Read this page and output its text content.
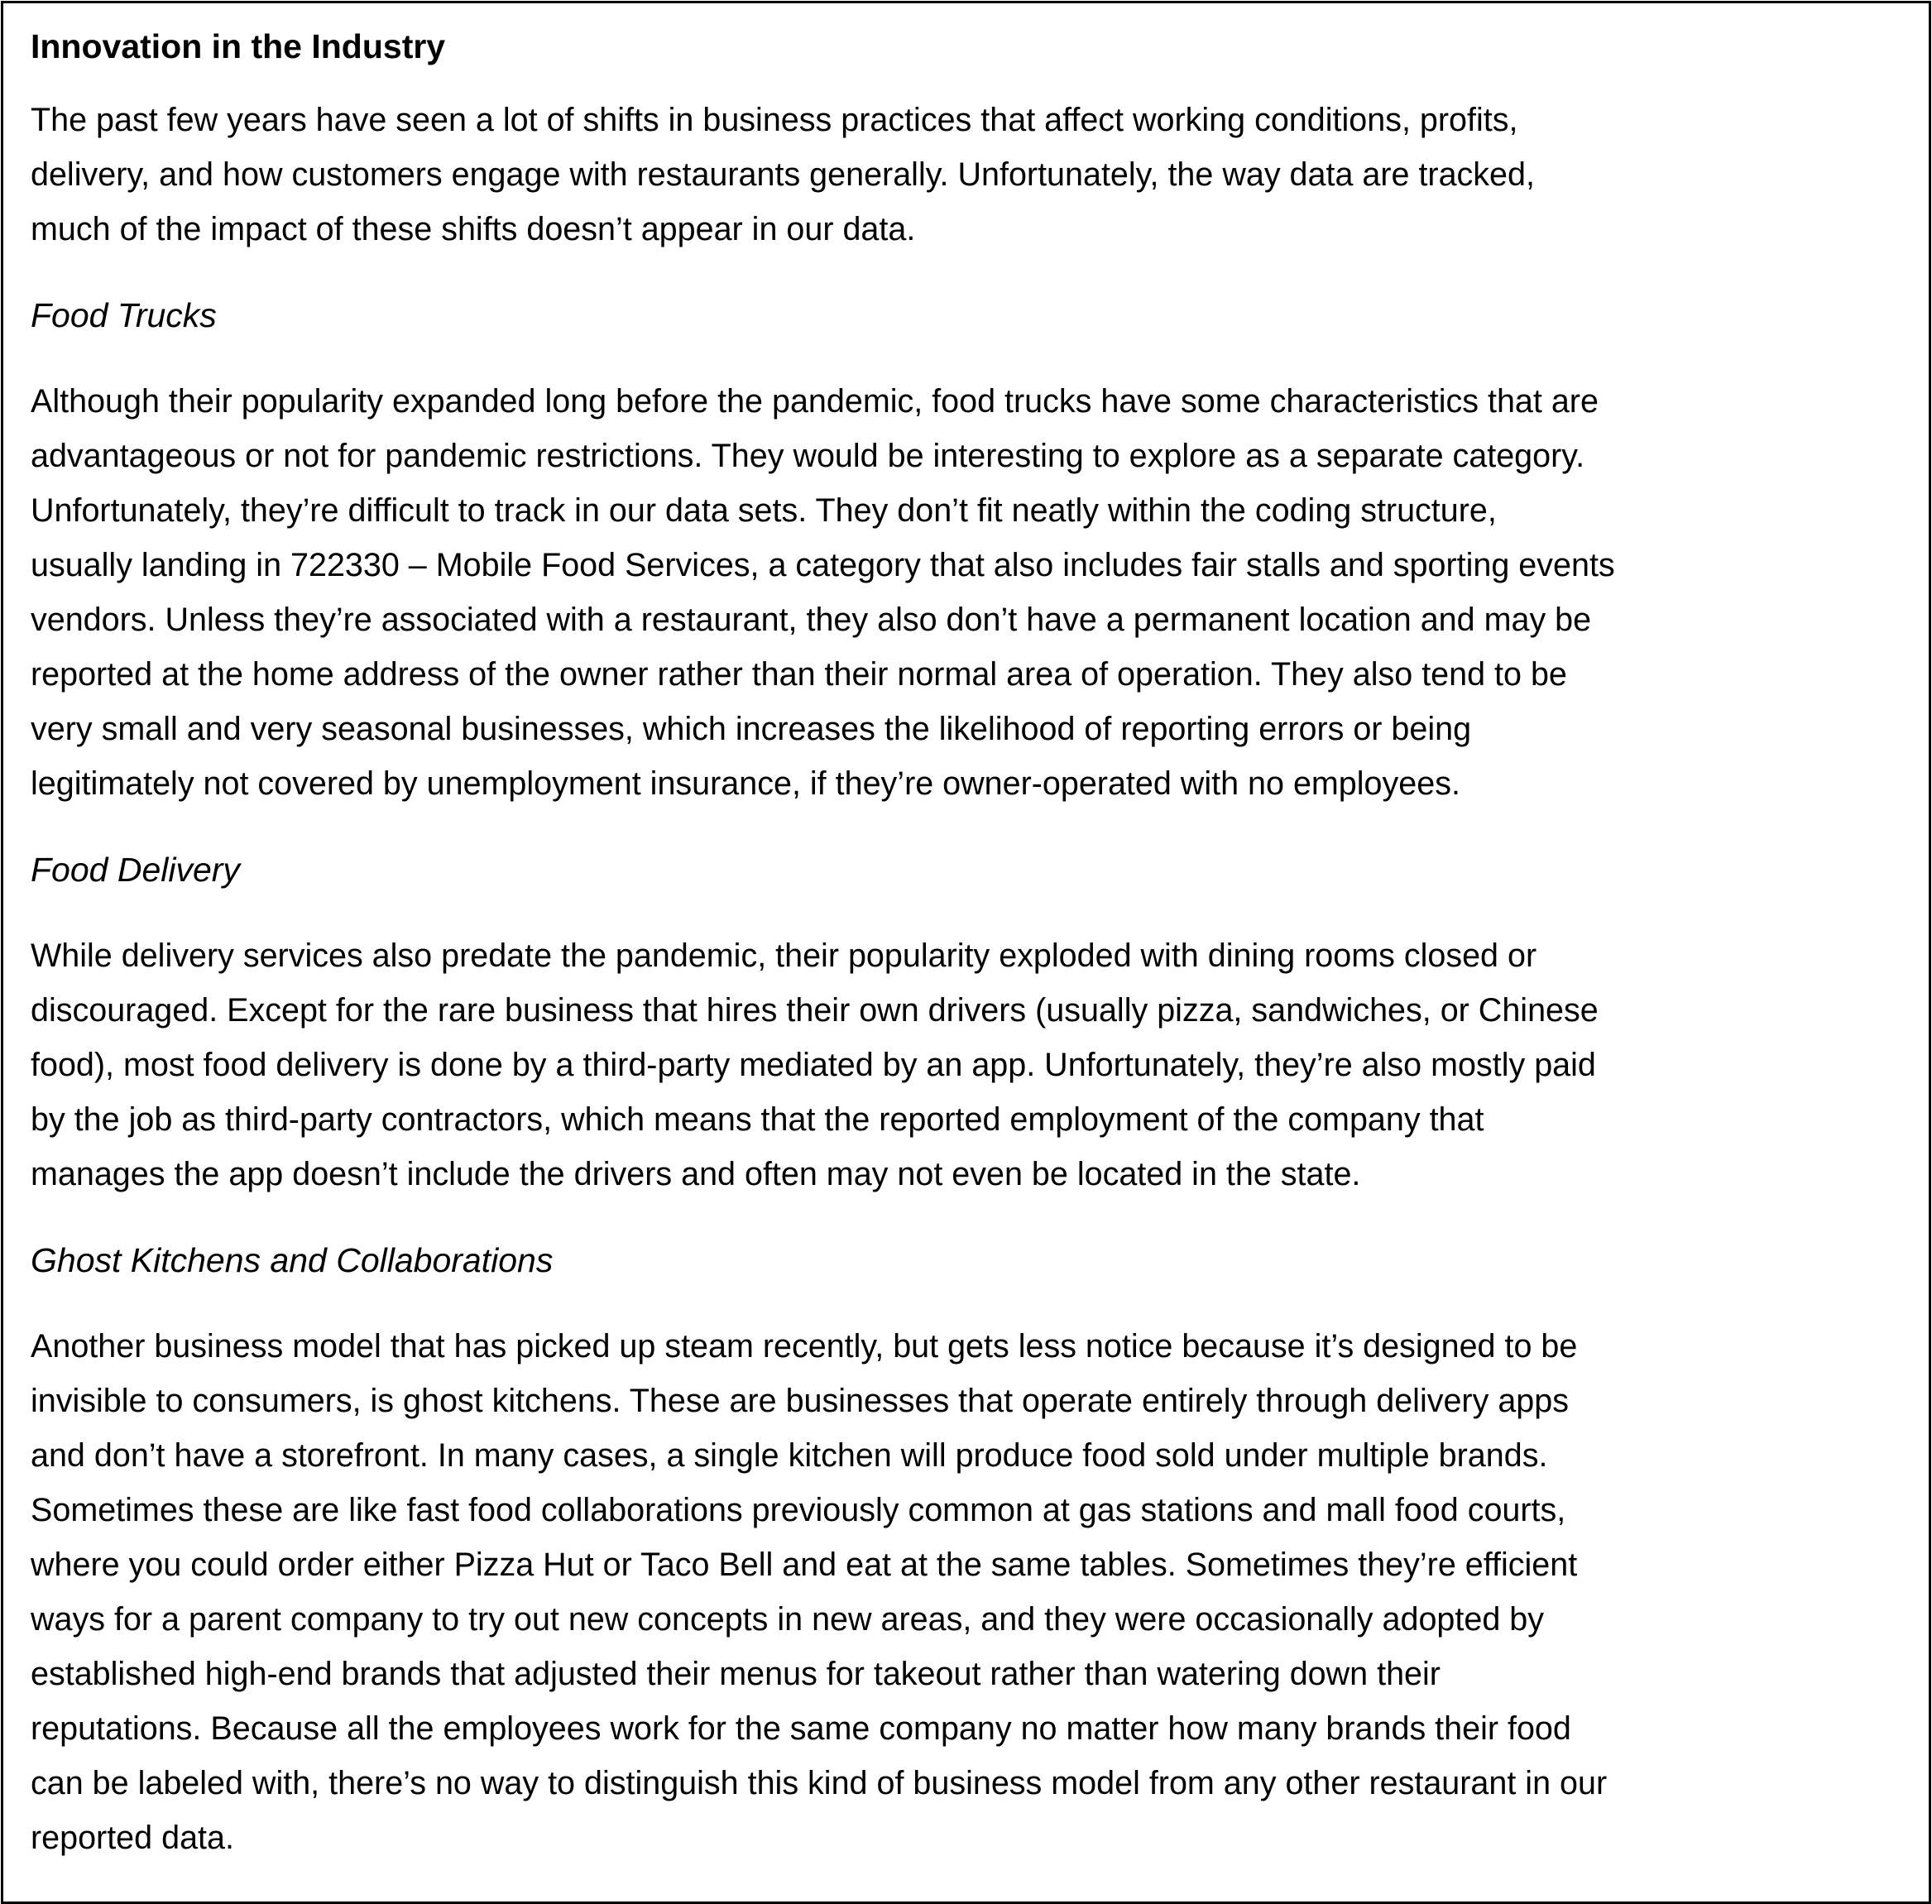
Innovation in the Industry
The past few years have seen a lot of shifts in business practices that affect working conditions, profits,
delivery, and how customers engage with restaurants generally. Unfortunately, the way data are tracked,
much of the impact of these shifts doesn’t appear in our data.
Food Trucks
Although their popularity expanded long before the pandemic, food trucks have some characteristics that are
advantageous or not for pandemic restrictions. They would be interesting to explore as a separate category.
Unfortunately, they’re difficult to track in our data sets. They don’t fit neatly within the coding structure,
usually landing in 722330 – Mobile Food Services, a category that also includes fair stalls and sporting events
vendors. Unless they’re associated with a restaurant, they also don’t have a permanent location and may be
reported at the home address of the owner rather than their normal area of operation. They also tend to be
very small and very seasonal businesses, which increases the likelihood of reporting errors or being
legitimately not covered by unemployment insurance, if they’re owner-operated with no employees.
Food Delivery
While delivery services also predate the pandemic, their popularity exploded with dining rooms closed or
discouraged. Except for the rare business that hires their own drivers (usually pizza, sandwiches, or Chinese
food), most food delivery is done by a third-party mediated by an app. Unfortunately, they’re also mostly paid
by the job as third-party contractors, which means that the reported employment of the company that
manages the app doesn’t include the drivers and often may not even be located in the state.
Ghost Kitchens and Collaborations
Another business model that has picked up steam recently, but gets less notice because it’s designed to be
invisible to consumers, is ghost kitchens. These are businesses that operate entirely through delivery apps
and don’t have a storefront. In many cases, a single kitchen will produce food sold under multiple brands.
Sometimes these are like fast food collaborations previously common at gas stations and mall food courts,
where you could order either Pizza Hut or Taco Bell and eat at the same tables. Sometimes they’re efficient
ways for a parent company to try out new concepts in new areas, and they were occasionally adopted by
established high-end brands that adjusted their menus for takeout rather than watering down their
reputations. Because all the employees work for the same company no matter how many brands their food
can be labeled with, there’s no way to distinguish this kind of business model from any other restaurant in our
reported data.
